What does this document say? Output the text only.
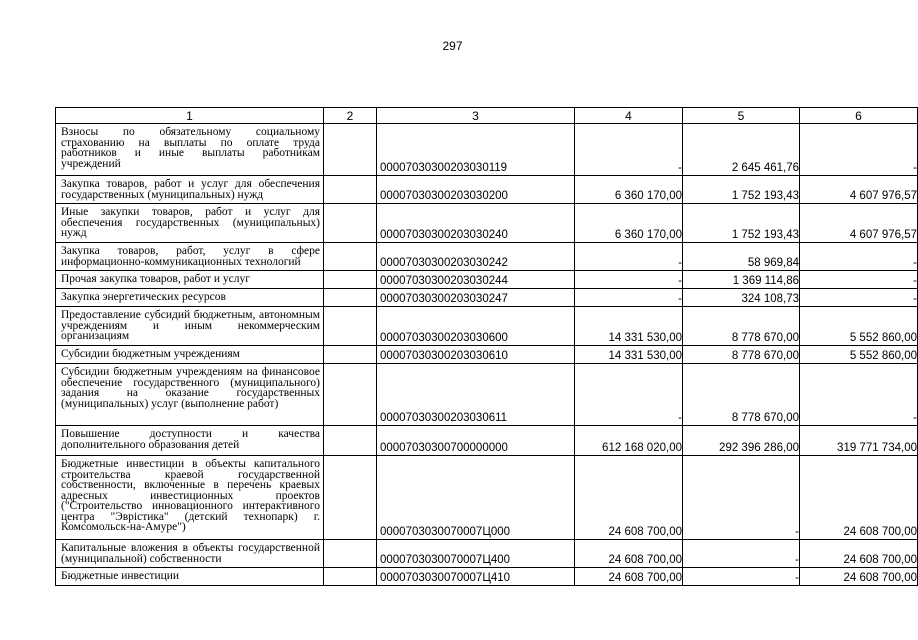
297
1	2	3	4	5	6
Взносы по обязательному социальному страхованию на выплаты по оплате труда работников и иные выплаты работникам учреждений		00007030300203030119	-	2 645 461,76	-
Закупка товаров, работ и услуг для обеспечения государственных (муниципальных) нужд		00007030300203030200	6 360 170,00	1 752 193,43	4 607 976,57
Иные закупки товаров, работ и услуг для обеспечения государственных (муниципальных) нужд		00007030300203030240	6 360 170,00	1 752 193,43	4 607 976,57
Закупка товаров, работ, услуг в сфере информационно-коммуникационных технологий		00007030300203030242	-	58 969,84	-
Прочая закупка товаров, работ и услуг		00007030300203030244	-	1 369 114,86	-
Закупка энергетических ресурсов		00007030300203030247	-	324 108,73	-
Предоставление субсидий бюджетным, автономным учреждениям и иным некоммерческим организациям		00007030300203030600	14 331 530,00	8 778 670,00	5 552 860,00
Субсидии бюджетным учреждениям		00007030300203030610	14 331 530,00	8 778 670,00	5 552 860,00
Субсидии бюджетным учреждениям на финансовое обеспечение государственного (муниципального) задания на оказание государственных (муниципальных) услуг (выполнение работ)		00007030300203030611	-	8 778 670,00	-
Повышение доступности и качества дополнительного образования детей		00007030300700000000	612 168 020,00	292 396 286,00	319 771 734,00
Бюджетные инвестиции в объекты капитального строительства краевой государственной собственности, включенные в перечень краевых адресных инвестиционных проектов ("Строительство инновационного интерактивного центра "Эврістика" (детский технопарк) г. Комсомольск-на-Амуре")		0000703030070007Ц000	24 608 700,00	-	24 608 700,00
Капитальные вложения в объекты государственной (муниципальной) собственности		0000703030070007Ц400	24 608 700,00	-	24 608 700,00
Бюджетные инвестиции		0000703030070007Ц410	24 608 700,00	-	24 608 700,00
